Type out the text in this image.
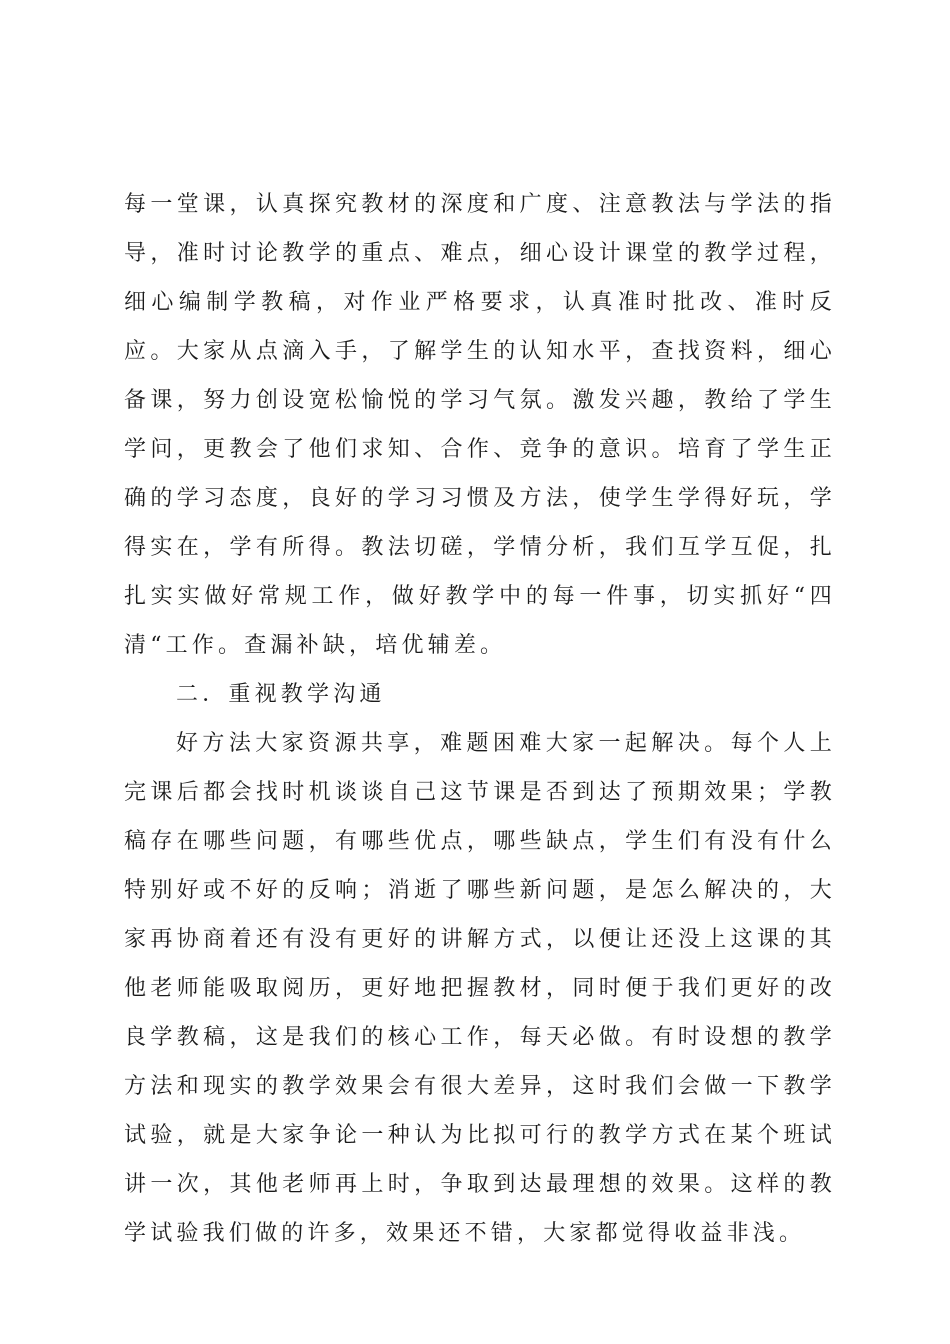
每一堂课，认真探究教材的深度和广度、注意教法与学法的指导，准时讨论教学的重点、难点，细心设计课堂的教学过程，细心编制学教稿，对作业严格要求，认真准时批改、准时反应。大家从点滴入手，了解学生的认知水平，查找资料，细心备课，努力创设宽松愉悦的学习气氛。激发兴趣，教给了学生学问，更教会了他们求知、合作、竞争的意识。培育了学生正确的学习态度，良好的学习习惯及方法，使学生学得好玩，学得实在，学有所得。教法切磋，学情分析，我们互学互促，扎扎实实做好常规工作，做好教学中的每一件事，切实抓好“四清“工作。查漏补缺，培优辅差。

二．重视教学沟通

好方法大家资源共享，难题困难大家一起解决。每个人上完课后都会找时机谈谈自己这节课是否到达了预期效果；学教稿存在哪些问题，有哪些优点，哪些缺点，学生们有没有什么特别好或不好的反响；消逝了哪些新问题，是怎么解决的，大家再协商着还有没有更好的讲解方式，以便让还没上这课的其他老师能吸取阅历，更好地把握教材，同时便于我们更好的改良学教稿，这是我们的核心工作，每天必做。有时设想的教学方法和现实的教学效果会有很大差异，这时我们会做一下教学试验，就是大家争论一种认为比拟可行的教学方式在某个班试讲一次，其他老师再上时，争取到达最理想的效果。这样的教学试验我们做的许多，效果还不错，大家都觉得收益非浅。
